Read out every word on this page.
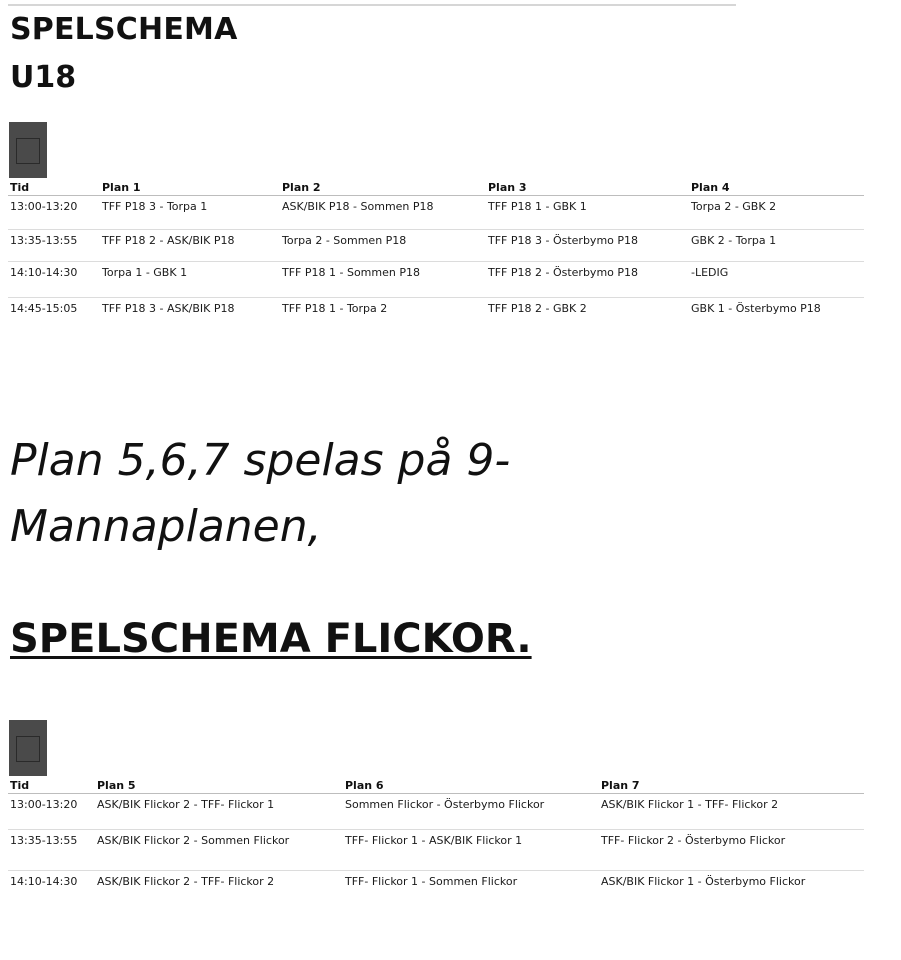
SPELSCHEMA
U18
Tid	Plan 1	Plan 2	Plan 3	Plan 4
13:00-13:20	TFF P18 3 - Torpa 1	ASK/BIK P18 - Sommen P18	TFF P18 1 - GBK 1	Torpa 2 - GBK 2
13:35-13:55	TFF P18 2 - ASK/BIK P18	Torpa 2 - Sommen P18	TFF P18 3 - Österbymo P18	GBK 2 - Torpa 1
14:10-14:30	Torpa 1 - GBK 1	TFF P18 1 - Sommen P18	TFF P18 2 - Österbymo P18	-LEDIG
14:45-15:05	TFF P18 3 - ASK/BIK P18	TFF P18 1 - Torpa 2	TFF P18 2 - GBK 2	GBK 1 - Österbymo P18

Plan 5,6,7 spelas på 9-Mannaplanen,

SPELSCHEMA FLICKOR.
Tid	Plan 5	Plan 6	Plan 7
13:00-13:20	ASK/BIK Flickor 2 - TFF- Flickor 1	Sommen Flickor - Österbymo Flickor	ASK/BIK Flickor 1 - TFF- Flickor 2
13:35-13:55	ASK/BIK Flickor 2 - Sommen Flickor	TFF- Flickor 1 - ASK/BIK Flickor 1	TFF- Flickor 2 - Österbymo Flickor
14:10-14:30	ASK/BIK Flickor 2 - TFF- Flickor 2	TFF- Flickor 1 - Sommen Flickor	ASK/BIK Flickor 1 - Österbymo Flickor
